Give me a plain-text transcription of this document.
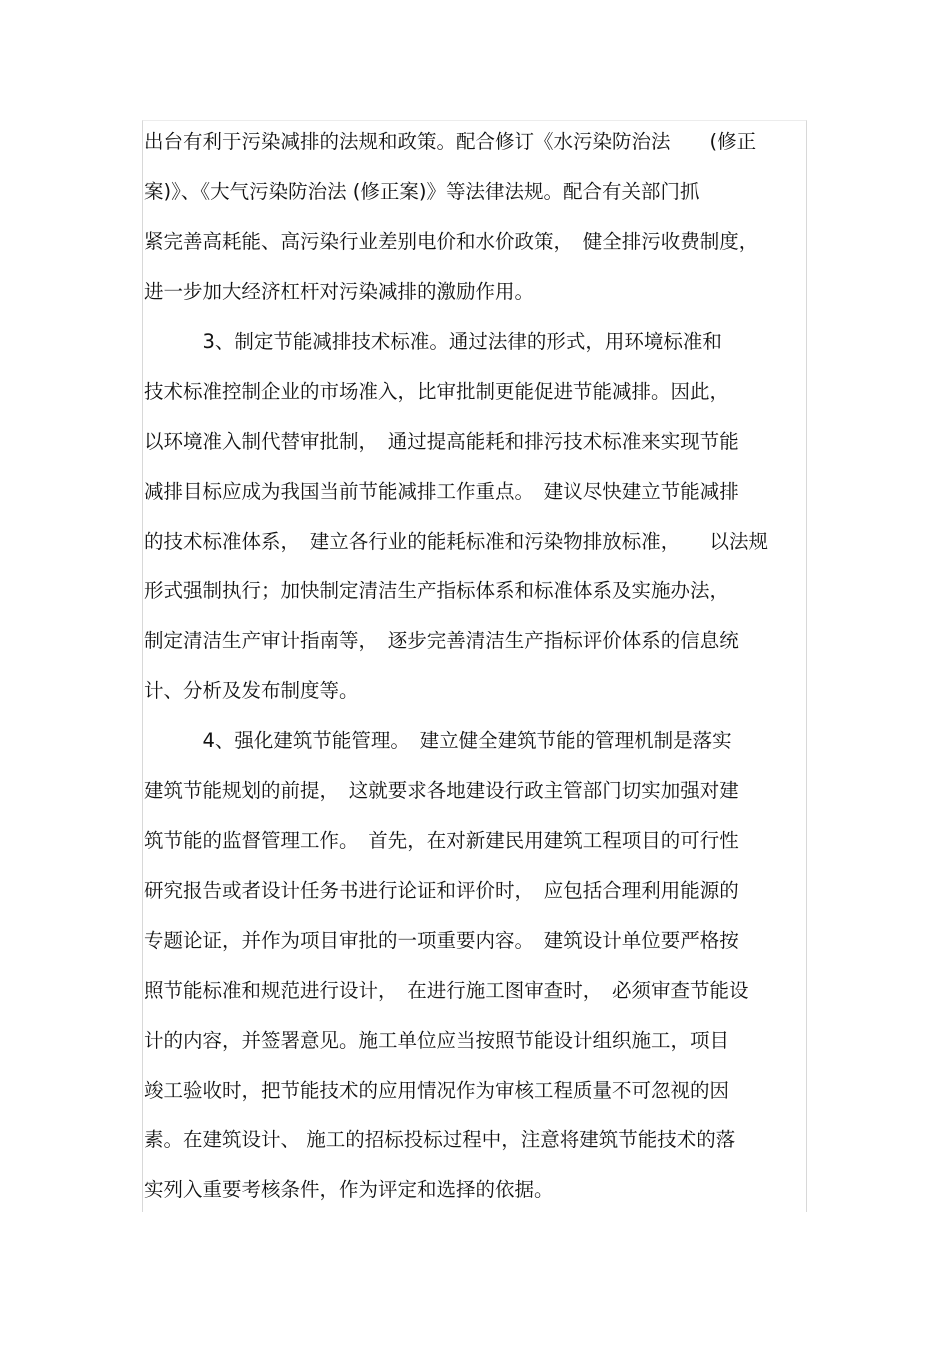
出台有利于污染减排的法规和政策。配合修订《水污染防治法　　(修正
案)》、《大气污染防治法 (修正案)》等法律法规。配合有关部门抓
紧完善高耗能、高污染行业差别电价和水价政策，　健全排污收费制度，
进一步加大经济杠杆对污染减排的激励作用。
　　　3、制定节能减排技术标准。通过法律的形式，用环境标准和
技术标准控制企业的市场准入，比审批制更能促进节能减排。因此，
以环境准入制代替审批制，　通过提高能耗和排污技术标准来实现节能
减排目标应成为我国当前节能减排工作重点。　建议尽快建立节能减排
的技术标准体系，　建立各行业的能耗标准和污染物排放标准，　　以法规
形式强制执行；加快制定清洁生产指标体系和标准体系及实施办法，
制定清洁生产审计指南等，　逐步完善清洁生产指标评价体系的信息统
计、分析及发布制度等。
　　　4、强化建筑节能管理。　建立健全建筑节能的管理机制是落实
建筑节能规划的前提，　这就要求各地建设行政主管部门切实加强对建
筑节能的监督管理工作。　首先，在对新建民用建筑工程项目的可行性
研究报告或者设计任务书进行论证和评价时，　应包括合理利用能源的
专题论证，并作为项目审批的一项重要内容。　建筑设计单位要严格按
照节能标准和规范进行设计，　在进行施工图审查时，　必须审查节能设
计的内容，并签署意见。施工单位应当按照节能设计组织施工，项目
竣工验收时，把节能技术的应用情况作为审核工程质量不可忽视的因
素。在建筑设计、 施工的招标投标过程中，注意将建筑节能技术的落
实列入重要考核条件，作为评定和选择的依据。
